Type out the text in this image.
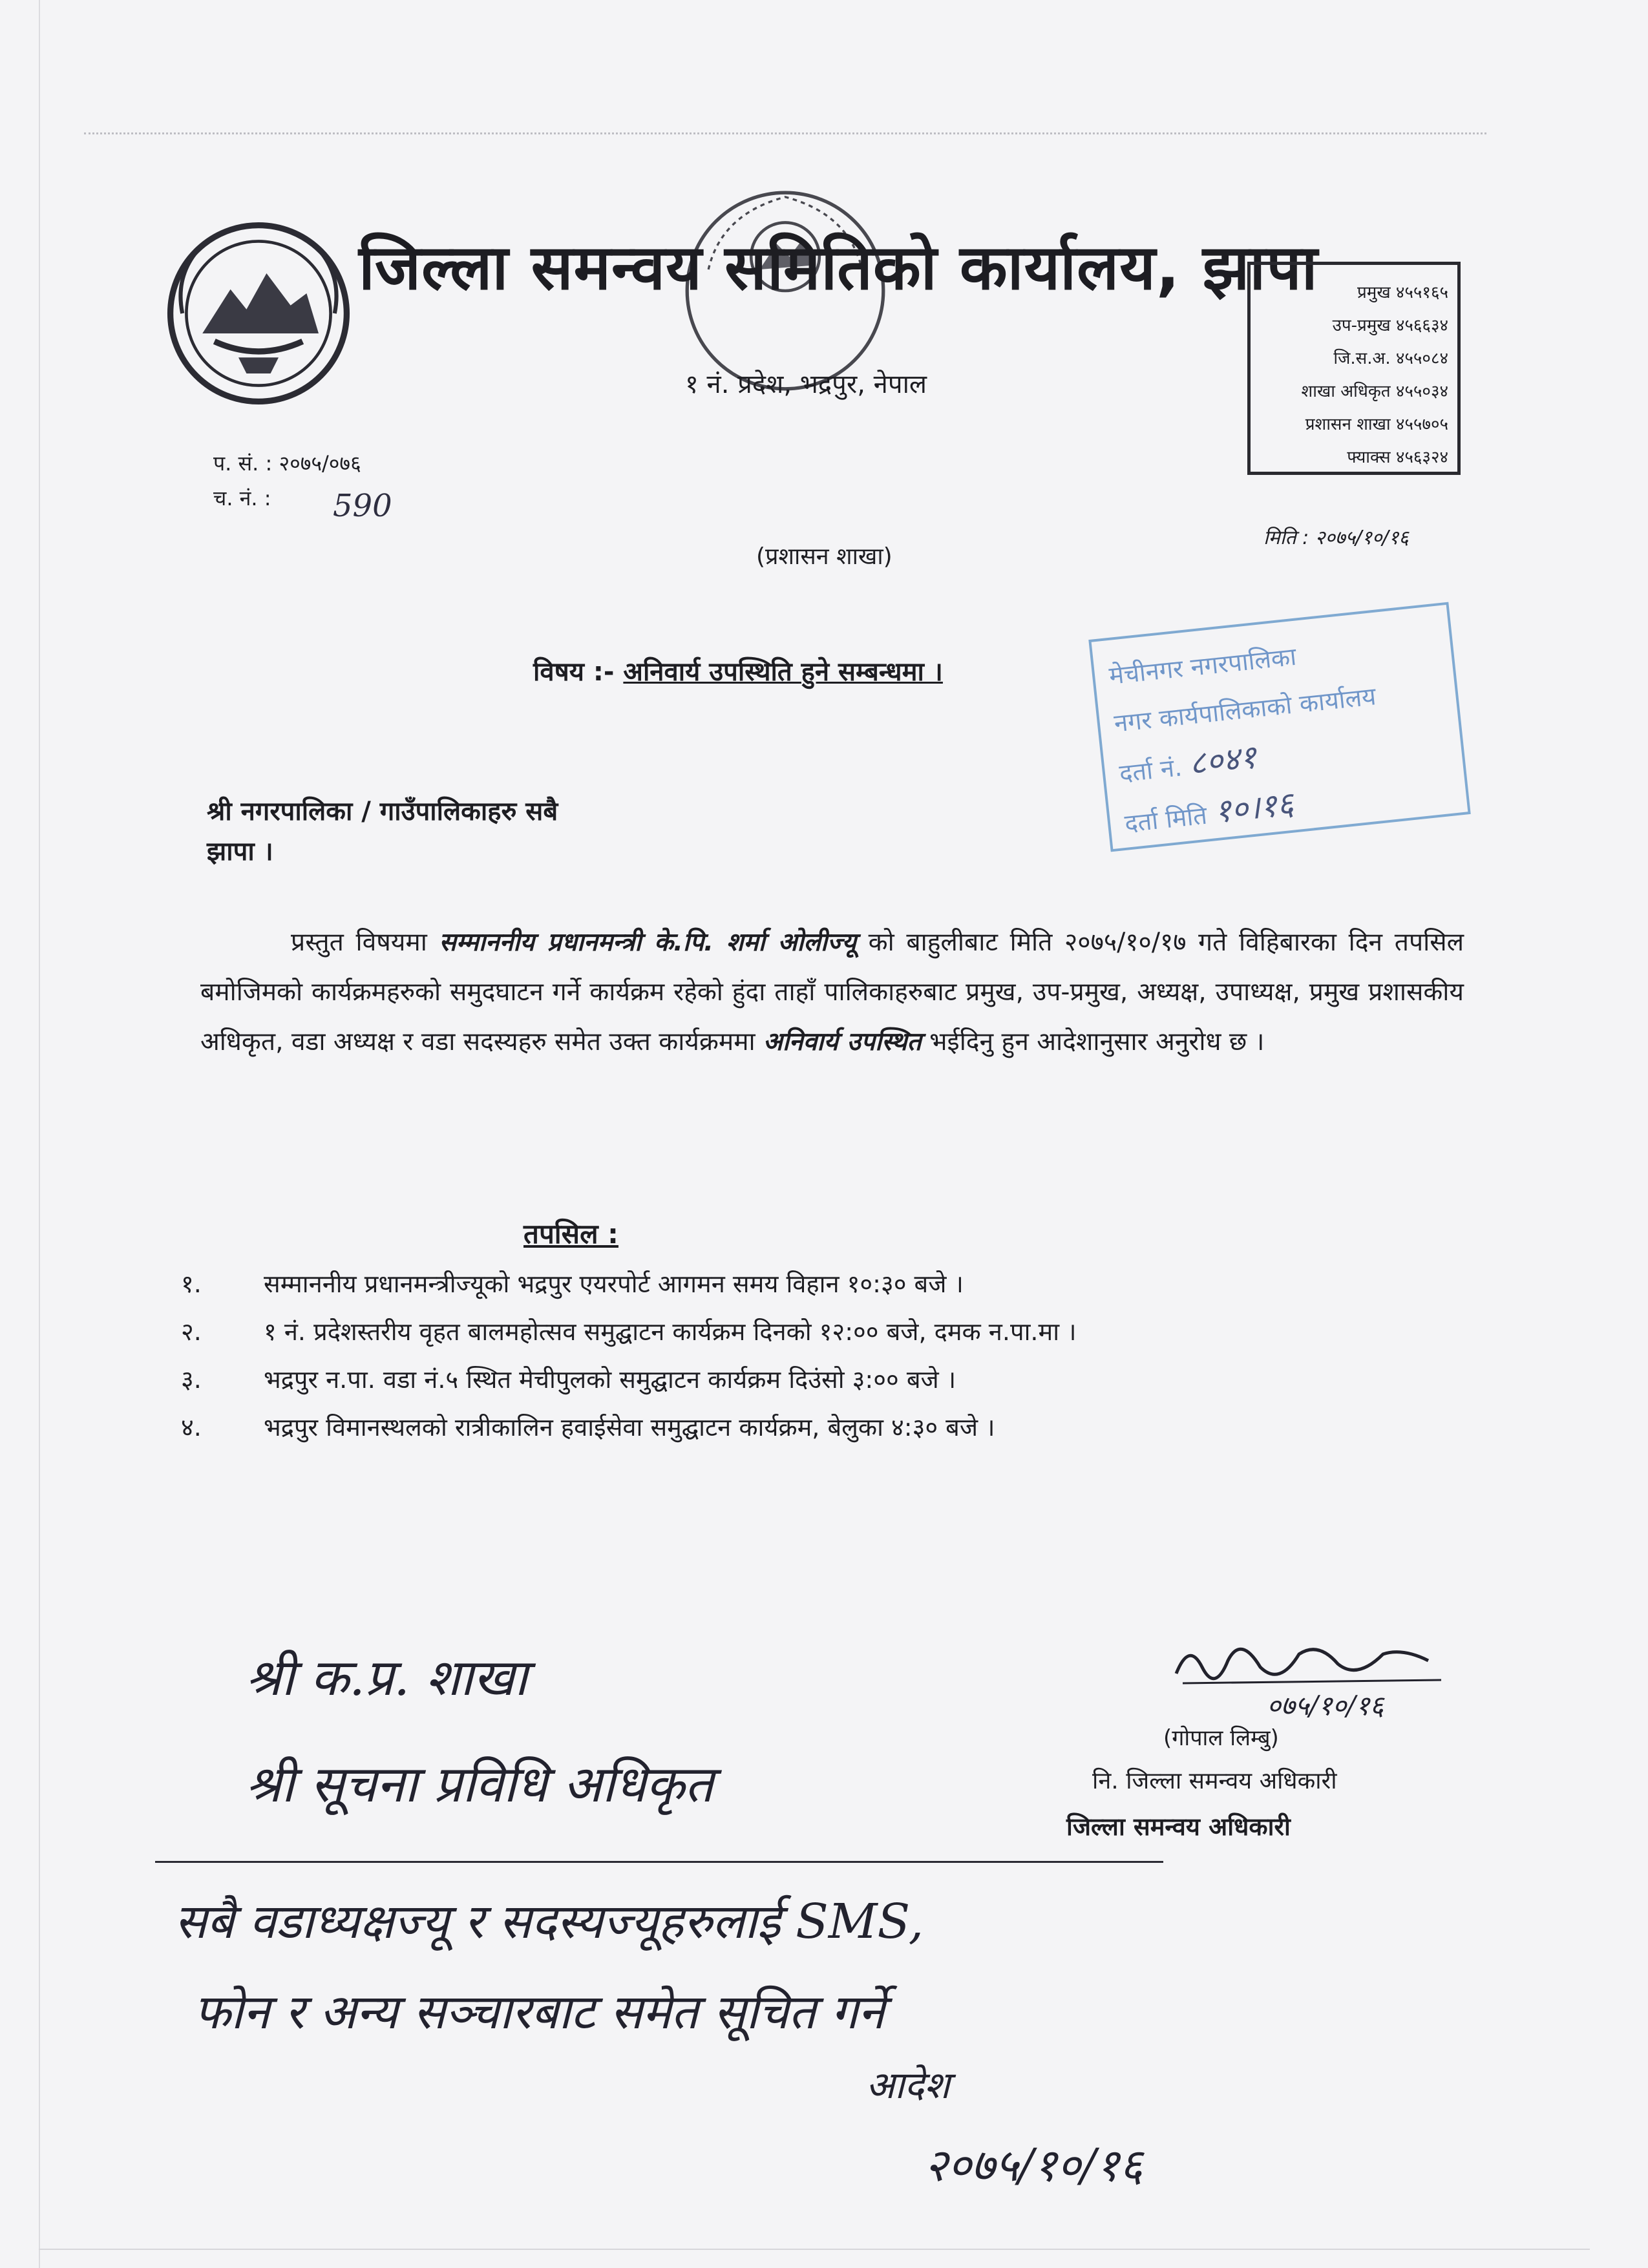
जिल्ला समन्वय समितिको कार्यालय, झापा
१ नं. प्रदेश, भद्रपुर, नेपाल
प्रमुख ४५५१६५
उप-प्रमुख ४५६६३४
जि.स.अ. ४५५०८४
शाखा अधिकृत ४५५०३४
प्रशासन शाखा ४५५७०५
फ्याक्स ४५६३२४
प. सं. : २०७५/०७६
च. नं. :	590
मिति : २०७५/१०/१६
(प्रशासन शाखा)
विषय :- अनिवार्य उपस्थिति हुने सम्बन्धमा ।	मेचीनगर नगरपालिका
नगर कार्यपालिकाको कार्यालय
दर्ता नं. ८०४१
दर्ता मिति १०।१६
श्री नगरपालिका / गाउँपालिकाहरु सबै
झापा ।
प्रस्तुत विषयमा सम्माननीय प्रधानमन्त्री के.पि. शर्मा ओलीज्यू को बाहुलीबाट मिति २०७५/१०/१७ गते विहिबारका दिन तपसिल बमोजिमको कार्यक्रमहरुको समुदघाटन गर्ने कार्यक्रम रहेको हुंदा ताहाँ पालिकाहरुबाट प्रमुख, उप-प्रमुख, अध्यक्ष, उपाध्यक्ष, प्रमुख प्रशासकीय अधिकृत, वडा अध्यक्ष र वडा सदस्यहरु समेत उक्त कार्यक्रममा अनिवार्य उपस्थित भईदिनु हुन आदेशानुसार अनुरोध छ ।
तपसिल :
१.	सम्माननीय प्रधानमन्त्रीज्यूको भद्रपुर एयरपोर्ट आगमन समय विहान १०:३० बजे ।
२.	१ नं. प्रदेशस्तरीय वृहत बालमहोत्सव समुद्घाटन कार्यक्रम दिनको १२:०० बजे, दमक न.पा.मा ।
३.	भद्रपुर न.पा. वडा नं.५ स्थित मेचीपुलको समुद्घाटन कार्यक्रम दिउंसो ३:०० बजे ।
४.	भद्रपुर विमानस्थलको रात्रीकालिन हवाईसेवा समुद्घाटन कार्यक्रम, बेलुका ४:३० बजे ।
०७५/१०/१६
(गोपाल लिम्बु)
नि. जिल्ला समन्वय अधिकारी
जिल्ला समन्वय अधिकारी
श्री क.प्र. शाखा
श्री सूचना प्रविधि अधिकृत
सबै वडाध्यक्षज्यू र सदस्यज्यूहरुलाई SMS,
फोन र अन्य सञ्चारबाट समेत सूचित गर्ने
आदेश
२०७५/१०/१६
